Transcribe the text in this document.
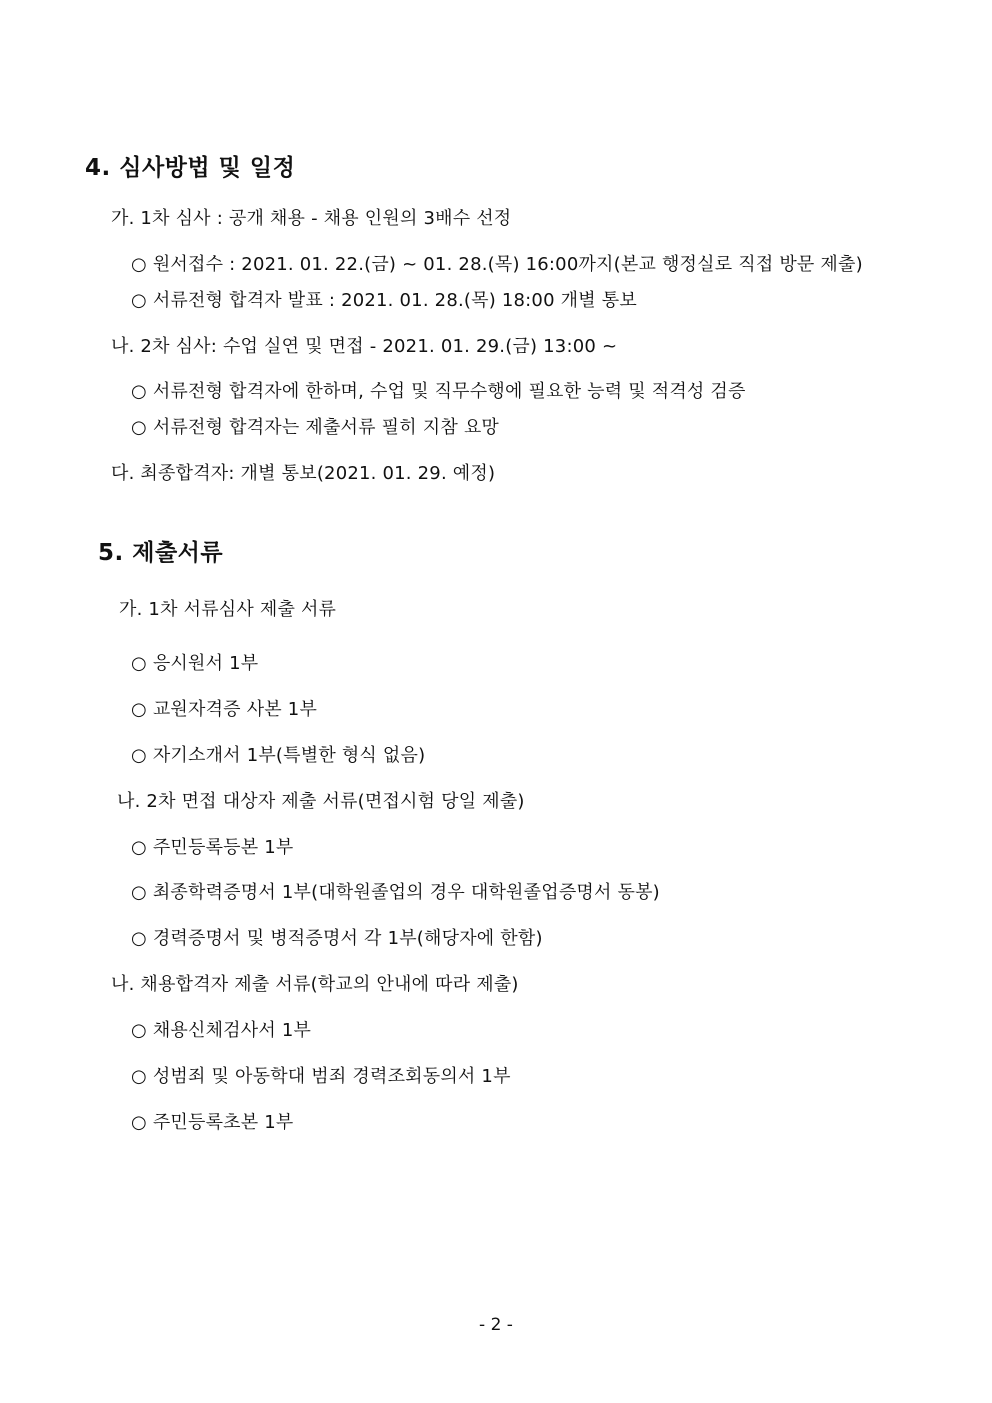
4. 심사방법 및 일정
가. 1차 심사 : 공개 채용 - 채용 인원의 3배수 선정
○ 원서접수 : 2021. 01. 22.(금) ~ 01. 28.(목) 16:00까지(본교 행정실로 직접 방문 제출)
○ 서류전형 합격자 발표 : 2021. 01. 28.(목) 18:00 개별 통보
나. 2차 심사: 수업 실연 및 면접 - 2021. 01. 29.(금) 13:00 ~
○ 서류전형 합격자에 한하며, 수업 및 직무수행에 필요한 능력 및 적격성 검증
○ 서류전형 합격자는 제출서류 필히 지참 요망
다. 최종합격자: 개별 통보(2021. 01. 29. 예정)
5. 제출서류
가. 1차 서류심사 제출 서류
○ 응시원서 1부
○ 교원자격증 사본 1부
○ 자기소개서 1부(특별한 형식 없음)
나. 2차 면접 대상자 제출 서류(면접시험 당일 제출)
○ 주민등록등본 1부
○ 최종학력증명서 1부(대학원졸업의 경우 대학원졸업증명서 동봉)
○ 경력증명서 및 병적증명서 각 1부(해당자에 한함)
나. 채용합격자 제출 서류(학교의 안내에 따라 제출)
○ 채용신체검사서 1부
○ 성범죄 및 아동학대 범죄 경력조회동의서 1부
○ 주민등록초본 1부
- 2 -
